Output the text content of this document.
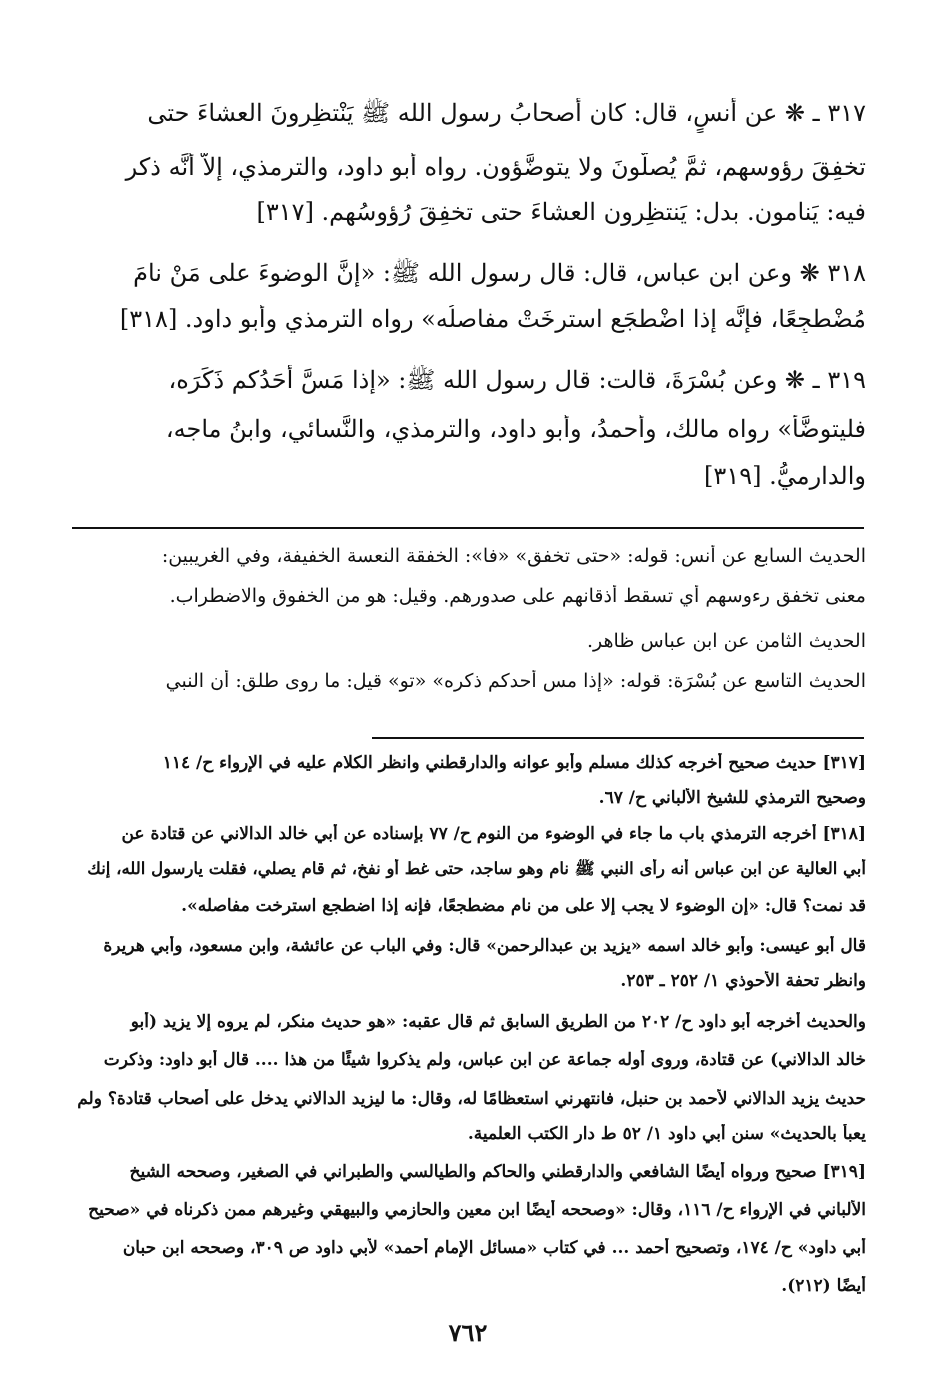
٣١٧ ـ ❋ عن أنسٍ، قال: كان أصحابُ رسول الله ﷺ يَنْتظِرونَ العشاءَ حتى
تخفِقَ رؤوسهم، ثمَّ يُصلُّونَ ولا يتوضَّؤون. رواه أبو داود، والترمذي، إلاَّ أنَّه ذكر
فيه: يَنامون. بدل: يَنتظِرون العشاءَ حتى تخفِقَ رُؤوسُهم. [٣١٧]
٣١٨ ❋ وعن ابن عباس، قال: قال رسول الله ﷺ: «إنَّ الوضوءَ على مَنْ نامَ
مُضْطجِعًا، فإنَّه إذا اضْطجَع استرخَتْ مفاصلُه» رواه الترمذي وأبو داود. [٣١٨]
٣١٩ ـ ❋ وعن بُسْرَةَ، قالت: قال رسول الله ﷺ: «إذا مَسَّ أحَدُكم ذَكَرَه،
فليتوضَّأ» رواه مالك، وأحمدُ، وأبو داود، والترمذي، والنَّسائي، وابنُ ماجه،
والدارميُّ. [٣١٩]
الحديث السابع عن أنس: قوله: «حتى تخفق» «فا»: الخفقة النعسة الخفيفة، وفي الغريبين:
معنى تخفق رءوسهم أي تسقط أذقانهم على صدورهم. وقيل: هو من الخفوق والاضطراب.
الحديث الثامن عن ابن عباس ظاهر.
الحديث التاسع عن بُسْرَة: قوله: «إذا مس أحدكم ذكره» «تو» قيل: ما روى طلق: أن النبي
[٣١٧] حديث صحيح أخرجه كذلك مسلم وأبو عوانه والدارقطني وانظر الكلام عليه في الإرواء ح/ ١١٤
وصحيح الترمذي للشيخ الألباني ح/ ٦٧.
[٣١٨] أخرجه الترمذي باب ما جاء في الوضوء من النوم ح/ ٧٧ بإسناده عن أبي خالد الدالاني عن قتادة عن
أبي العالية عن ابن عباس أنه رأى النبي ﷺ نام وهو ساجد، حتى غط أو نفخ، ثم قام يصلي، فقلت يارسول الله، إنك
قد نمت؟ قال: «إن الوضوء لا يجب إلا على من نام مضطجعًا، فإنه إذا اضطجع استرخت مفاصله».
قال أبو عيسى: وأبو خالد اسمه «يزيد بن عبدالرحمن» قال: وفي الباب عن عائشة، وابن مسعود، وأبي هريرة
وانظر تحفة الأحوذي ١/ ٢٥٢ ـ ٢٥٣.
والحديث أخرجه أبو داود ح/ ٢٠٢ من الطريق السابق ثم قال عقبه: «هو حديث منكر، لم يروه إلا يزيد (أبو
خالد الدالاني) عن قتادة، وروى أوله جماعة عن ابن عباس، ولم يذكروا شيئًا من هذا .... قال أبو داود: وذكرت
حديث يزيد الدالاني لأحمد بن حنبل، فانتهرني استعظامًا له، وقال: ما ليزيد الدالاني يدخل على أصحاب قتادة؟ ولم
يعبأ بالحديث» سنن أبي داود ١/ ٥٢ ط دار الكتب العلمية.
[٣١٩] صحيح ورواه أيضًا الشافعي والدارقطني والحاكم والطيالسي والطبراني في الصغير، وصححه الشيخ
الألباني في الإرواء ح/ ١١٦، وقال: «وصححه أيضًا ابن معين والحازمي والبيهقي وغيرهم ممن ذكرناه في «صحيح
أبي داود» ح/ ١٧٤، وتصحيح أحمد ... في كتاب «مسائل الإمام أحمد» لأبي داود ص ٣٠٩، وصححه ابن حبان
أيضًا (٢١٢).
٧٦٢
